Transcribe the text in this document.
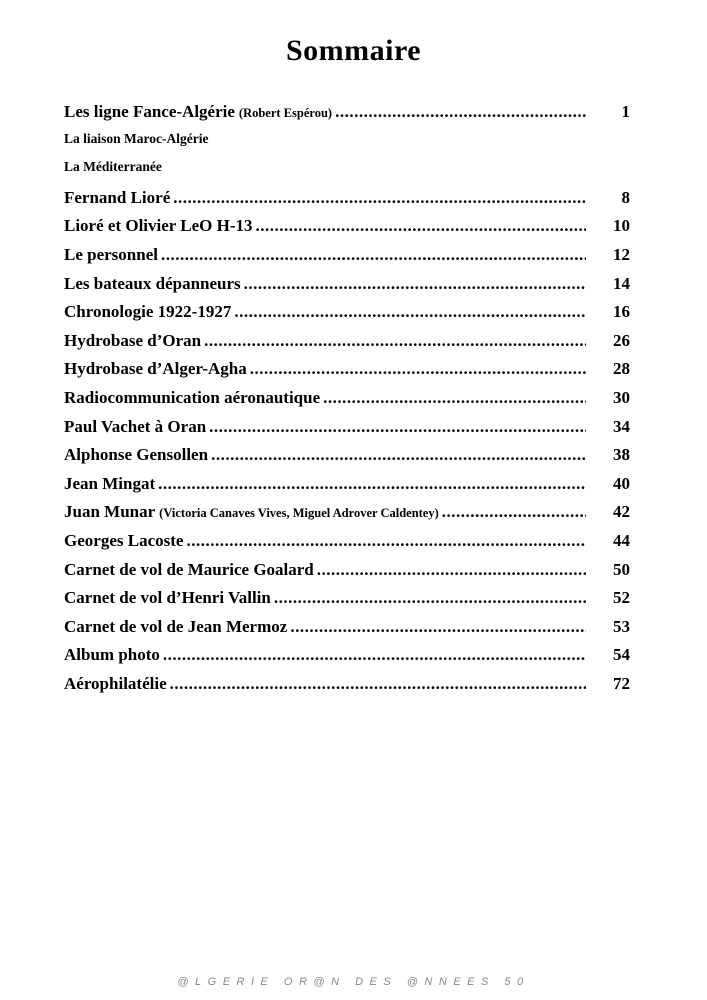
Sommaire
Les ligne Fance-Algérie (Robert Espérou) .....	1
La liaison Maroc-Algérie
La Méditerranée
Fernand Lioré .....	8
Lioré et Olivier LeO H-13 .....	10
Le personnel .....	12
Les bateaux dépanneurs .....	14
Chronologie 1922-1927 .....	16
Hydrobase d’Oran .....	26
Hydrobase d’Alger-Agha .....	28
Radiocommunication aéronautique .....	30
Paul Vachet à Oran .....	34
Alphonse Gensollen .....	38
Jean Mingat .....	40
Juan Munar (Victoria Canaves Vives, Miguel Adrover Caldentey) .....	42
Georges Lacoste .....	44
Carnet de vol de Maurice Goalard .....	50
Carnet de vol d’Henri Vallin .....	52
Carnet de vol de Jean Mermoz .....	53
Album photo .....	54
Aérophilatélie .....	72
@LGERIE OR@N DES @NNEES 50
